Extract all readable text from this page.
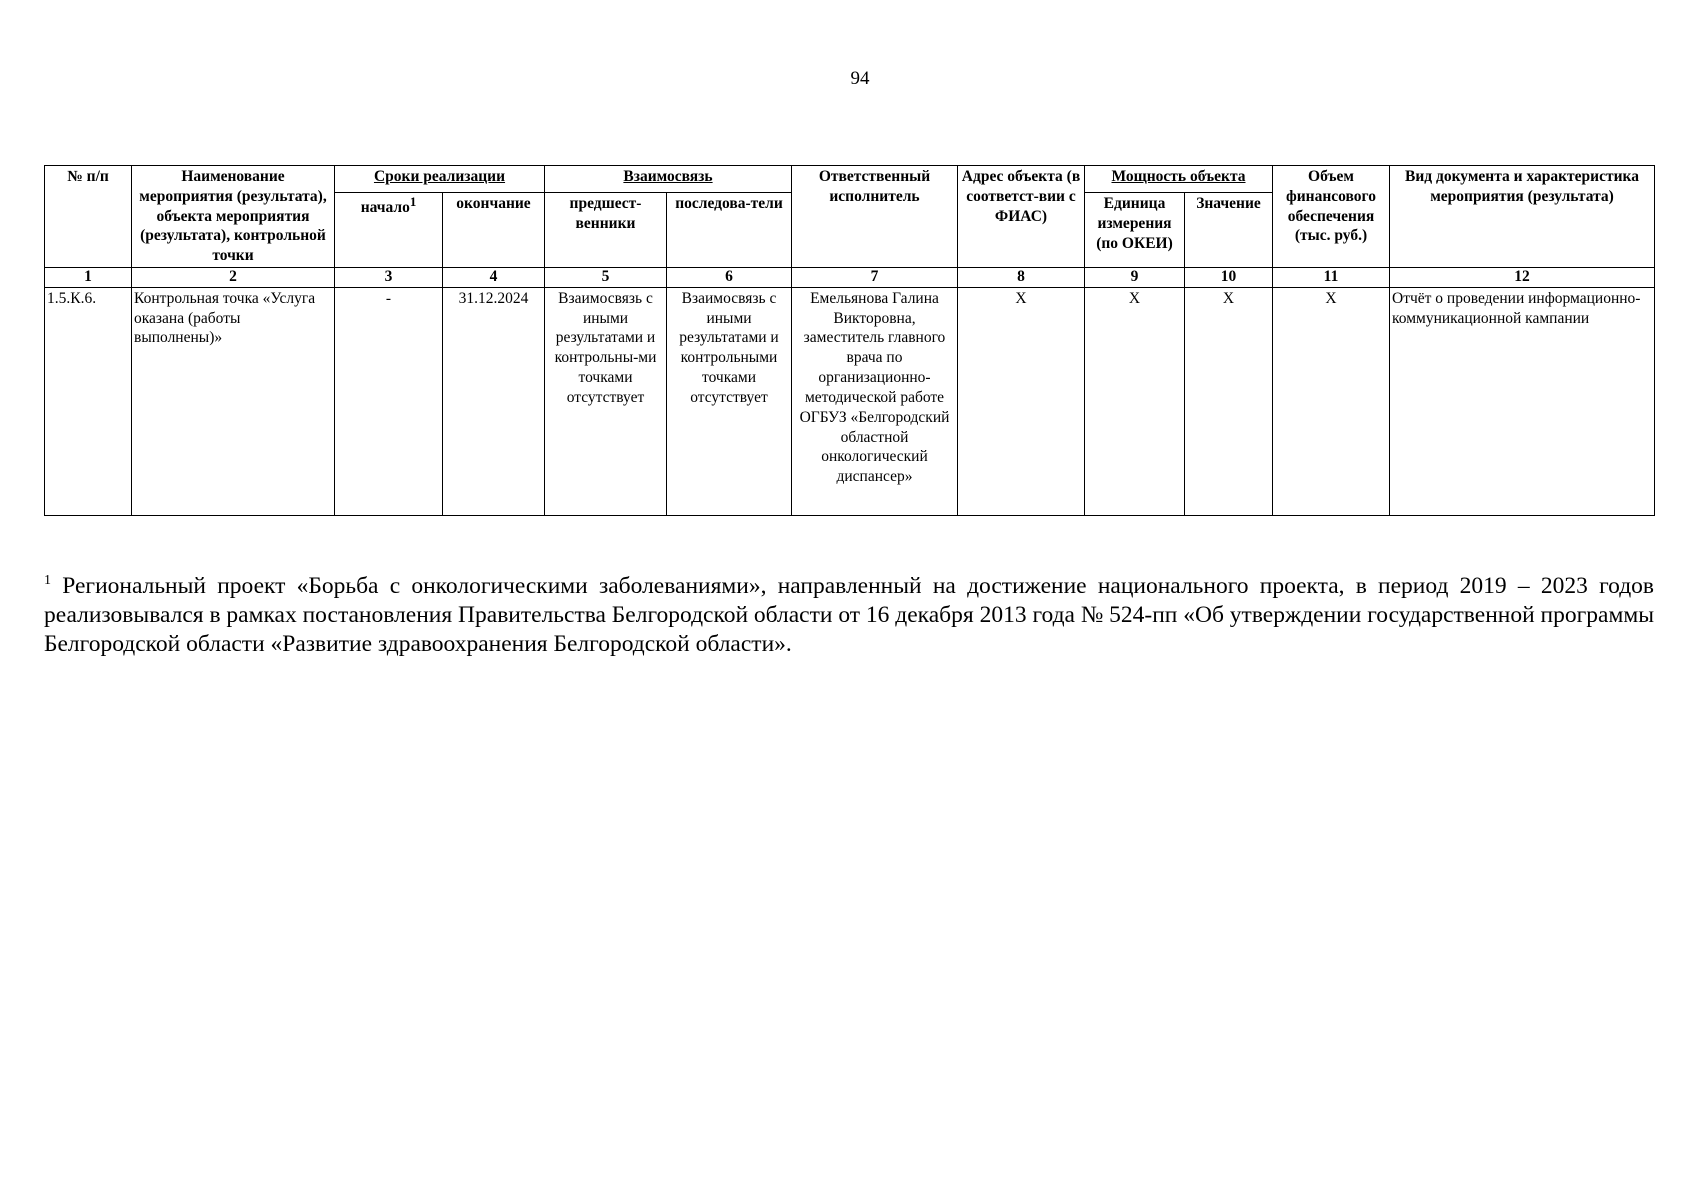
94
№ п/п	Наименование мероприятия (результата), объекта мероприятия (результата), контрольной точки	Сроки реализации		Взаимосвязь		Ответственный исполнитель	Адрес объекта (в соответст-вии с ФИАС)	Мощность объекта		Объем финансового обеспечения (тыс. руб.)	Вид документа и характеристика мероприятия (результата)
		начало$^1$	окончание	предшест-венники	последова-тели			Единица измерения (по ОКЕИ)	Значение		
1	2	3	4	5	6	7	8	9	10	11	12
1.5.К.6.	Контрольная точка «Услуга оказана (работы выполнены)»	-	31.12.2024	Взаимосвязь с иными результатами и контрольны-ми точками отсутствует	Взаимосвязь с иными результатами и контрольными точками отсутствует	Емельянова Галина Викторовна, заместитель главного врача по организационно-методической работе ОГБУЗ «Белгородский областной онкологический диспансер»	X	X	X	X	Отчёт о проведении информационно-коммуникационной кампании
$^1$ Региональный проект «Борьба с онкологическими заболеваниями», направленный на достижение национального проекта, в период 2019 – 2023 годов реализовывался в рамках постановления Правительства Белгородской области от 16 декабря 2013 года № 524-пп «Об утверждении государственной программы Белгородской области «Развитие здравоохранения Белгородской области».
